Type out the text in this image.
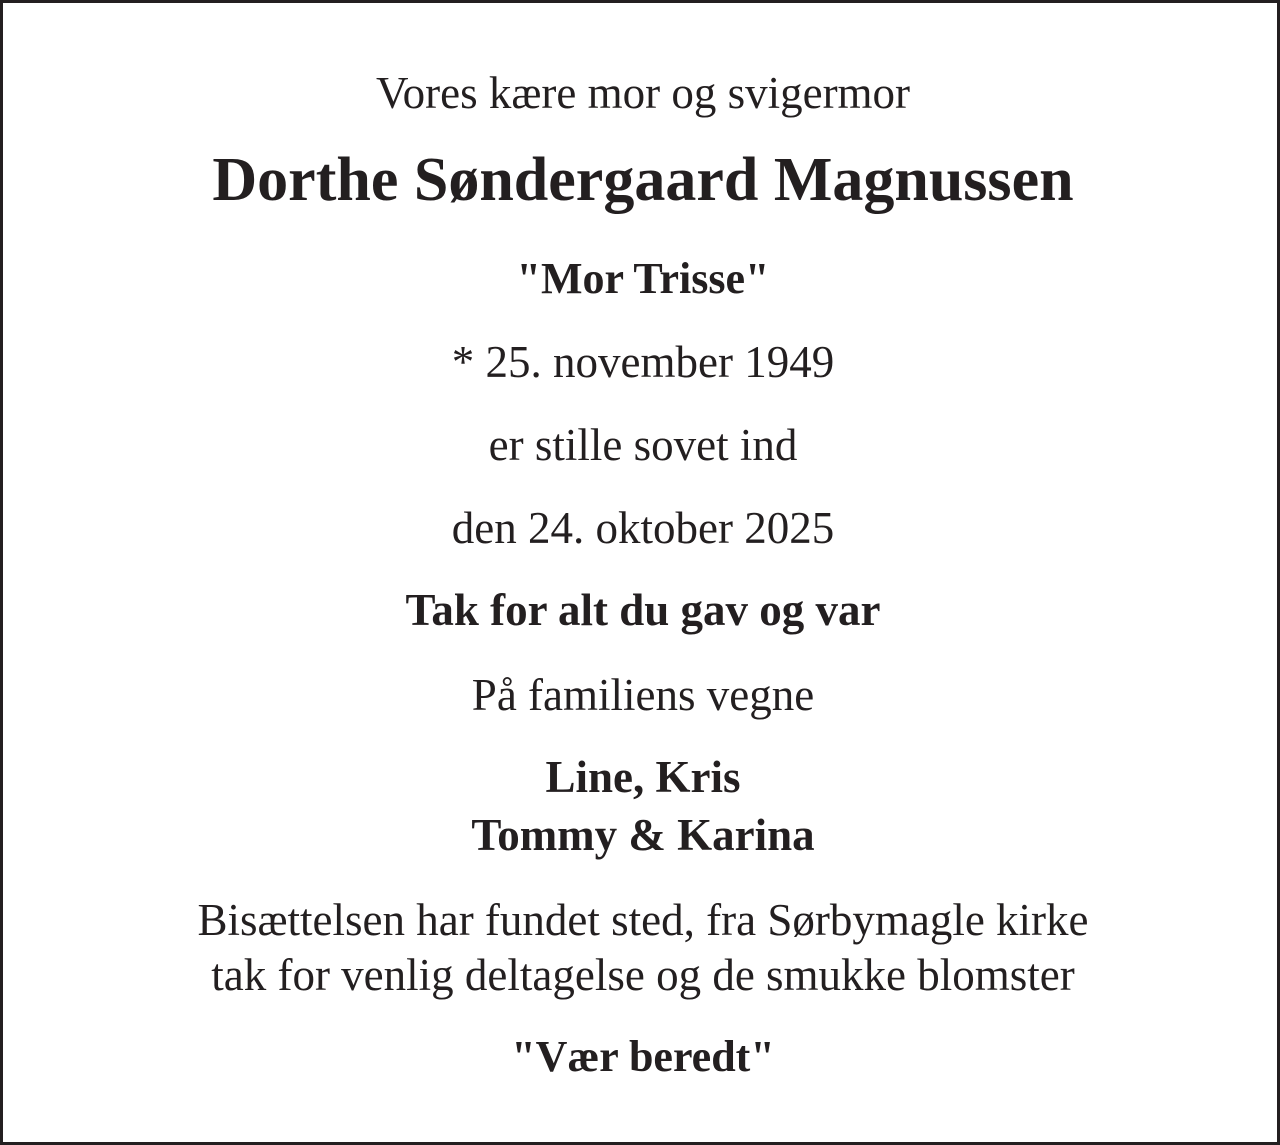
Vores kære mor og svigermor
Dorthe Søndergaard Magnussen
"Mor Trisse"
* 25. november 1949
er stille sovet ind
den 24. oktober 2025
Tak for alt du gav og var
På familiens vegne
Line, Kris
Tommy & Karina
Bisættelsen har fundet sted, fra Sørbymagle kirke
tak for venlig deltagelse og de smukke blomster
"Vær beredt"
